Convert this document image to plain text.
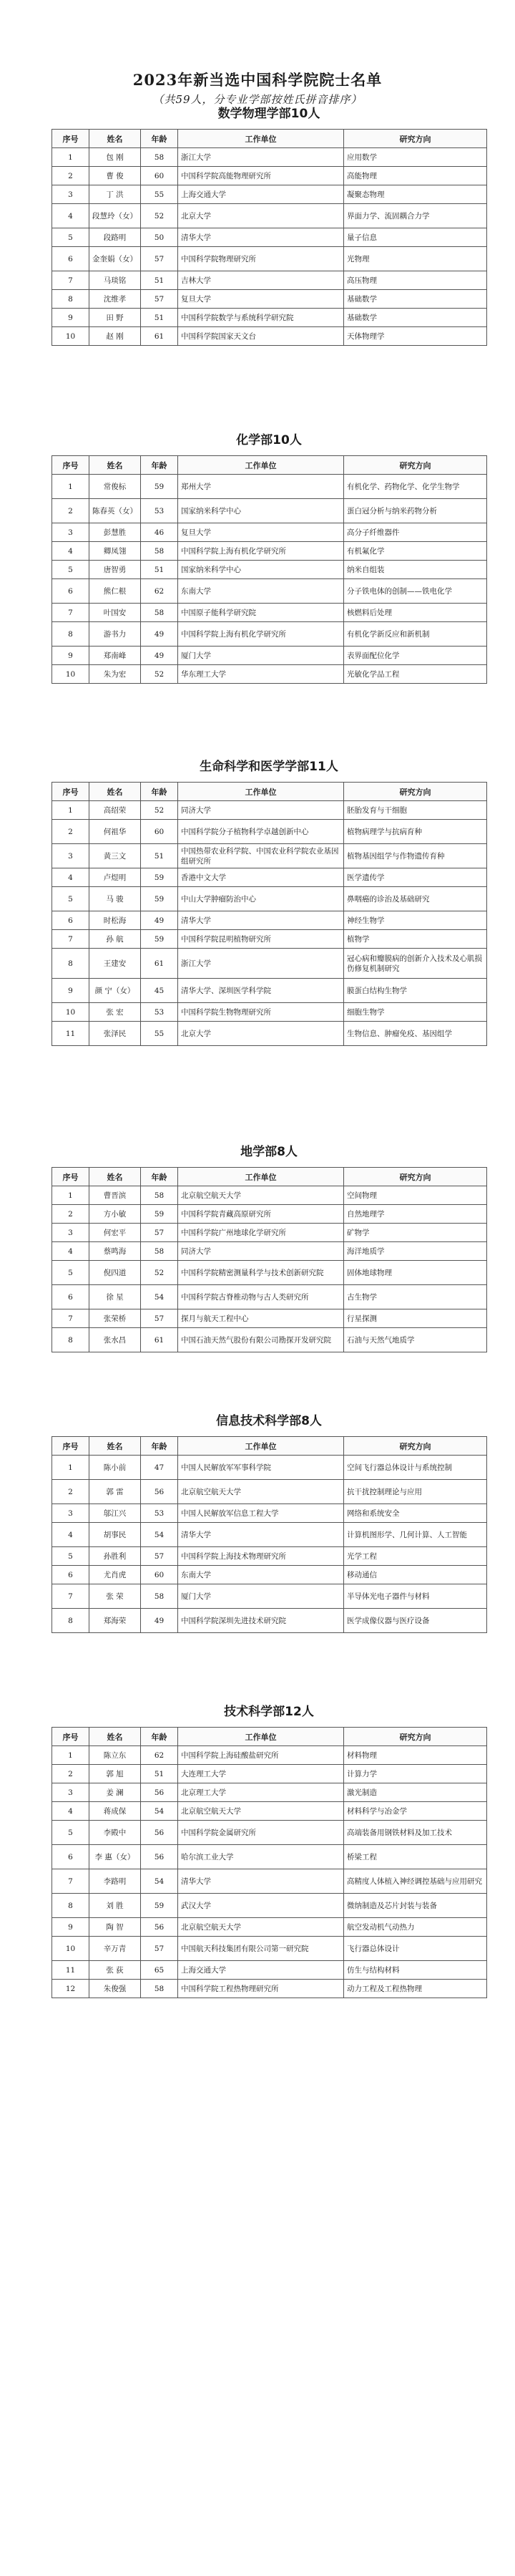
2023年新当选中国科学院院士名单
（共59人，分专业学部按姓氏拼音排序）
数学物理学部10人
序号	姓名	年龄	工作单位	研究方向
1	包 刚	58	浙江大学	应用数学
2	曹 俊	60	中国科学院高能物理研究所	高能物理
3	丁 洪	55	上海交通大学	凝聚态物理
4	段慧玲（女）	52	北京大学	界面力学、流固耦合力学
5	段路明	50	清华大学	量子信息
6	金奎娟（女）	57	中国科学院物理研究所	光物理
7	马琰铭	51	吉林大学	高压物理
8	沈维孝	57	复旦大学	基础数学
9	田 野	51	中国科学院数学与系统科学研究院	基础数学
10	赵 刚	61	中国科学院国家天文台	天体物理学
化学部10人
序号	姓名	年龄	工作单位	研究方向
1	常俊标	59	郑州大学	有机化学、药物化学、化学生物学
2	陈春英（女）	53	国家纳米科学中心	蛋白冠分析与纳米药物分析
3	彭慧胜	46	复旦大学	高分子纤维器件
4	卿凤翎	58	中国科学院上海有机化学研究所	有机氟化学
5	唐智勇	51	国家纳米科学中心	纳米自组装
6	熊仁根	62	东南大学	分子铁电体的创制——铁电化学
7	叶国安	58	中国原子能科学研究院	核燃料后处理
8	游书力	49	中国科学院上海有机化学研究所	有机化学新反应和新机制
9	郑南峰	49	厦门大学	表界面配位化学
10	朱为宏	52	华东理工大学	光敏化学品工程
生命科学和医学学部11人
序号	姓名	年龄	工作单位	研究方向
1	高绍荣	52	同济大学	胚胎发育与干细胞
2	何祖华	60	中国科学院分子植物科学卓越创新中心	植物病理学与抗病育种
3	黄三文	51	中国热带农业科学院、中国农业科学院农业基因组研究所	植物基因组学与作物遗传育种
4	卢煜明	59	香港中文大学	医学遗传学
5	马 骏	59	中山大学肿瘤防治中心	鼻咽癌的诊治及基础研究
6	时松海	49	清华大学	神经生物学
7	孙 航	59	中国科学院昆明植物研究所	植物学
8	王建安	61	浙江大学	冠心病和瓣膜病的创新介入技术及心肌损伤修复机制研究
9	颜 宁（女）	45	清华大学、深圳医学科学院	膜蛋白结构生物学
10	张 宏	53	中国科学院生物物理研究所	细胞生物学
11	张泽民	55	北京大学	生物信息、肿瘤免疫、基因组学
地学部8人
序号	姓名	年龄	工作单位	研究方向
1	曹晋滨	58	北京航空航天大学	空间物理
2	方小敏	59	中国科学院青藏高原研究所	自然地理学
3	何宏平	57	中国科学院广州地球化学研究所	矿物学
4	蔡鸣海	58	同济大学	海洋地质学
5	倪四道	52	中国科学院精密测量科学与技术创新研究院	固体地球物理
6	徐 星	54	中国科学院古脊椎动物与古人类研究所	古生物学
7	张荣桥	57	探月与航天工程中心	行星探测
8	张水昌	61	中国石油天然气股份有限公司勘探开发研究院	石油与天然气地质学
信息技术科学部8人
序号	姓名	年龄	工作单位	研究方向
1	陈小前	47	中国人民解放军军事科学院	空间飞行器总体设计与系统控制
2	郭 雷	56	北京航空航天大学	抗干扰控制理论与应用
3	邬江兴	53	中国人民解放军信息工程大学	网络和系统安全
4	胡事民	54	清华大学	计算机图形学、几何计算、人工智能
5	孙胜利	57	中国科学院上海技术物理研究所	光学工程
6	尤肖虎	60	东南大学	移动通信
7	张 荣	58	厦门大学	半导体光电子器件与材料
8	郑海荣	49	中国科学院深圳先进技术研究院	医学成像仪器与医疗设备
技术科学部12人
序号	姓名	年龄	工作单位	研究方向
1	陈立东	62	中国科学院上海硅酸盐研究所	材料物理
2	郭 旭	51	大连理工大学	计算力学
3	姜 澜	56	北京理工大学	激光制造
4	蒋成保	54	北京航空航天大学	材料科学与冶金学
5	李殿中	56	中国科学院金属研究所	高端装备用钢铁材料及加工技术
6	李 惠（女）	56	哈尔滨工业大学	桥梁工程
7	李路明	54	清华大学	高精度人体植入神经调控基础与应用研究
8	刘 胜	59	武汉大学	微纳制造及芯片封装与装备
9	陶 智	56	北京航空航天大学	航空发动机气动热力
10	辛万青	57	中国航天科技集团有限公司第一研究院	飞行器总体设计
11	张 荻	65	上海交通大学	仿生与结构材料
12	朱俊强	58	中国科学院工程热物理研究所	动力工程及工程热物理
